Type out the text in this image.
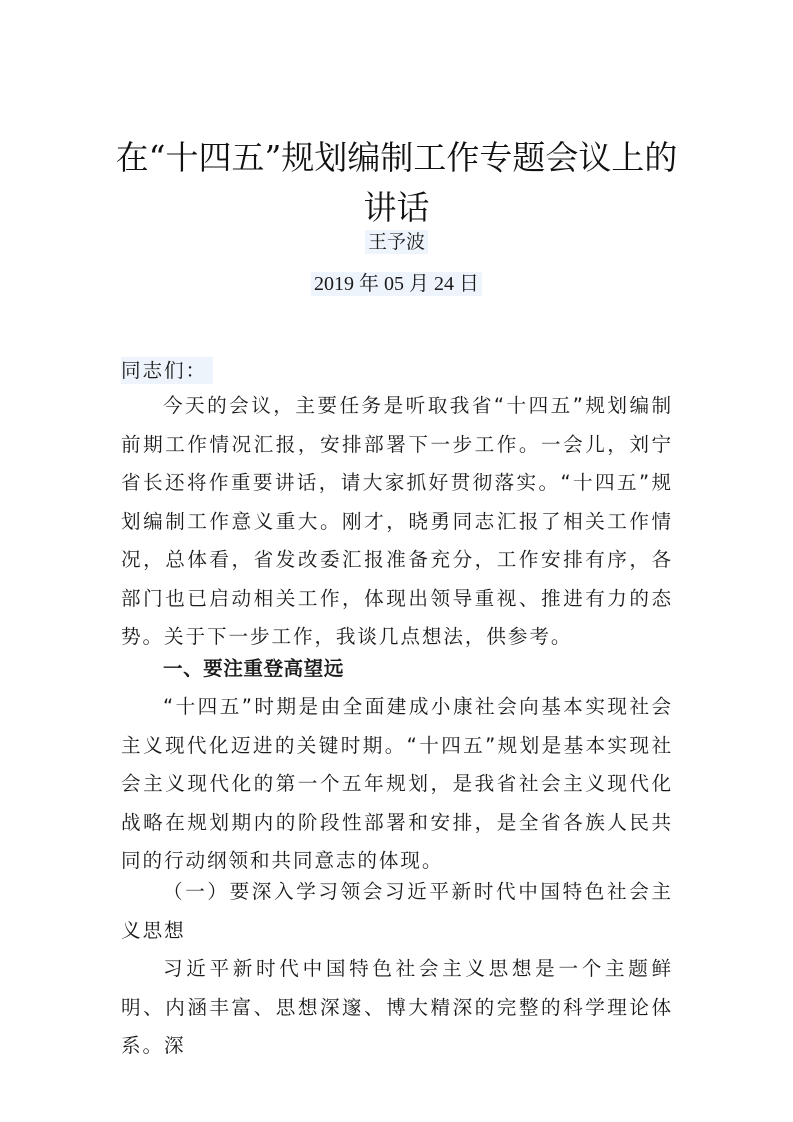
在“十四五”规划编制工作专题会议上的讲话
王予波
2019 年 05 月 24 日
同志们：

今天的会议，主要任务是听取我省“十四五”规划编制前期工作情况汇报，安排部署下一步工作。一会儿，刘宁省长还将作重要讲话，请大家抓好贯彻落实。“十四五”规划编制工作意义重大。刚才，晓勇同志汇报了相关工作情况，总体看，省发改委汇报准备充分，工作安排有序，各部门也已启动相关工作，体现出领导重视、推进有力的态势。关于下一步工作，我谈几点想法，供参考。

一、要注重登高望远

“十四五”时期是由全面建成小康社会向基本实现社会主义现代化迈进的关键时期。“十四五”规划是基本实现社会主义现代化的第一个五年规划，是我省社会主义现代化战略在规划期内的阶段性部署和安排，是全省各族人民共同的行动纲领和共同意志的体现。

（一）要深入学习领会习近平新时代中国特色社会主义思想

习近平新时代中国特色社会主义思想是一个主题鲜明、内涵丰富、思想深邃、博大精深的完整的科学理论体系。深
